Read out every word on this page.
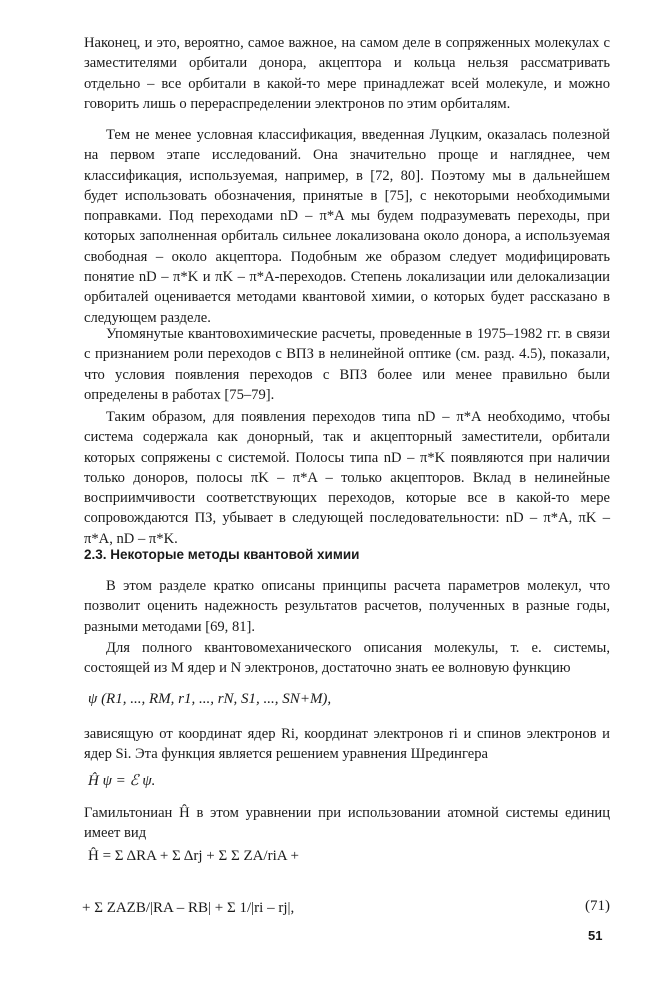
Наконец, и это, вероятно, самое важное, на самом деле в сопряженных молекулах с заместителями орбитали донора, акцептора и кольца нельзя рассматривать отдельно – все орбитали в какой-то мере принадлежат всей молекуле, и можно говорить лишь о перераспределении электронов по этим орбиталям.

Тем не менее условная классификация, введенная Луцким, оказалась полезной на первом этапе исследований. Она значительно проще и нагляднее, чем классификация, используемая, например, в [72, 80]. Поэтому мы в дальнейшем будет использовать обозначения, принятые в [75], с некоторыми необходимыми поправками. Под переходами nD – π*A мы будем подразумевать переходы, при которых заполненная орбиталь сильнее локализована около донора, а используемая свободная – около акцептора. Подобным же образом следует модифицировать понятие nD – π*K и πK – π*A-переходов. Степень локализации или делокализации орбиталей оценивается методами квантовой химии, о которых будет рассказано в следующем разделе.

Упомянутые квантовохимические расчеты, проведенные в 1975–1982 гг. в связи с признанием роли переходов с ВПЗ в нелинейной оптике (см. разд. 4.5), показали, что условия появления переходов с ВПЗ более или менее правильно были определены в работах [75–79].

Таким образом, для появления переходов типа nD – π*A необходимо, чтобы система содержала как донорный, так и акцепторный заместители, орбитали которых сопряжены с системой. Полосы типа nD – π*K появляются при наличии только доноров, полосы πK – π*A – только акцепторов. Вклад в нелинейные восприимчивости соответствующих переходов, которые все в какой-то мере сопровождаются ПЗ, убывает в следующей последовательности: nD – π*A, πK – π*A, nD – π*K.

2.3. Некоторые методы квантовой химии

В этом разделе кратко описаны принципы расчета параметров молекул, что позволит оценить надежность результатов расчетов, полученных в разные годы, разными методами [69, 81].

Для полного квантовомеханического описания молекулы, т. е. системы, состоящей из M ядер и N электронов, достаточно знать ее волновую функцию

ψ (R1, ..., RM, r1, ..., rN, S1, ..., SN+M),

зависящую от координат ядер Ri, координат электронов ri и спинов электронов и ядер Si. Эта функция является решением уравнения Шредингера

Ĥ ψ = ℰ ψ.

Гамильтониан Ĥ в этом уравнении при использовании атомной системы единиц имеет вид

Ĥ = Σ ΔRA + Σ Δrj + Σ Σ ZA/riA +
+ Σ ZAZB/|RA – RB| + Σ 1/|ri – rj|,	(71)
51
